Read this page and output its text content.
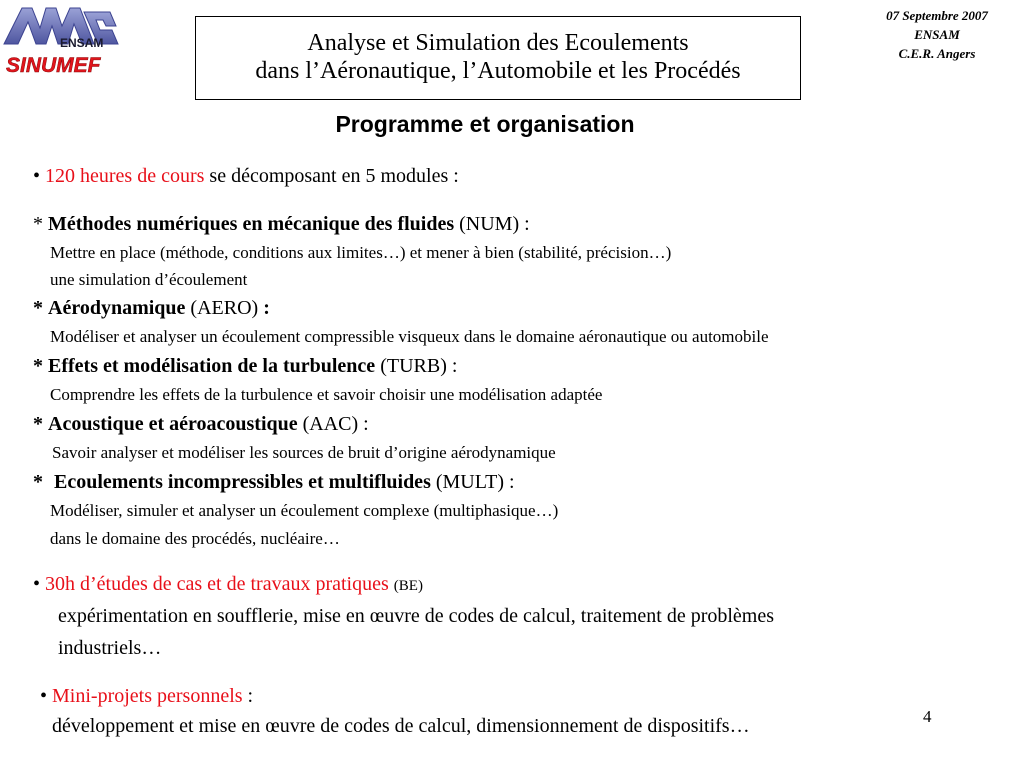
ENSAM
SINUMEF
Analyse et Simulation des Ecoulements
dans l’Aéronautique, l’Automobile et les Procédés
07 Septembre 2007
ENSAM
C.E.R. Angers
Programme et organisation
• 120 heures de cours se décomposant en 5 modules :
* Méthodes numériques en mécanique des fluides (NUM) :
Mettre en place (méthode, conditions aux limites…) et mener à bien (stabilité, précision…)
une simulation d’écoulement
* Aérodynamique (AERO) :
Modéliser et analyser un écoulement compressible visqueux dans le domaine aéronautique ou automobile
* Effets et modélisation de la turbulence (TURB) :
Comprendre les effets de la turbulence et savoir choisir une modélisation adaptée
* Acoustique et aéroacoustique (AAC) :
Savoir analyser et modéliser les sources de bruit d’origine aérodynamique
* Ecoulements incompressibles et multifluides (MULT) :
Modéliser, simuler et analyser un écoulement complexe (multiphasique…)
dans le domaine des procédés, nucléaire…
• 30h d’études de cas et de travaux pratiques (BE)
expérimentation en soufflerie, mise en œuvre de codes de calcul, traitement de problèmes
industriels…
• Mini-projets personnels :
développement et mise en œuvre de codes de calcul, dimensionnement de dispositifs…	4
